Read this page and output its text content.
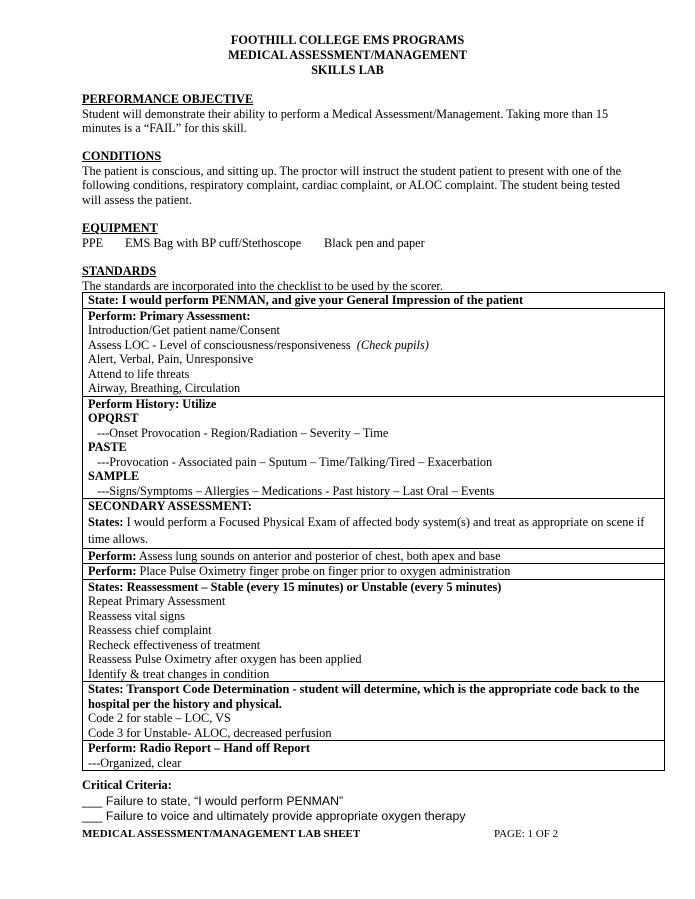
FOOTHILL COLLEGE EMS PROGRAMS
MEDICAL ASSESSMENT/MANAGEMENT
SKILLS LAB
PERFORMANCE OBJECTIVE
Student will demonstrate their ability to perform a Medical Assessment/Management. Taking more than 15 minutes is a “FAIL” for this skill.
CONDITIONS
The patient is conscious, and sitting up. The proctor will instruct the student patient to present with one of the following conditions, respiratory complaint, cardiac complaint, or ALOC complaint. The student being tested will assess the patient.
EQUIPMENT
PPE EMS Bag with BP cuff/Stethoscope Black pen and paper
STANDARDS
The standards are incorporated into the checklist to be used by the scorer.
State: I would perform PENMAN, and give your General Impression of the patient

Perform: Primary Assessment:
Introduction/Get patient name/Consent
Assess LOC - Level of consciousness/responsiveness (Check pupils)
Alert, Verbal, Pain, Unresponsive
Attend to life threats
Airway, Breathing, Circulation

Perform History: Utilize
OPQRST
---Onset Provocation - Region/Radiation – Severity – Time
PASTE
---Provocation - Associated pain – Sputum – Time/Talking/Tired – Exacerbation
SAMPLE
---Signs/Symptoms – Allergies – Medications - Past history – Last Oral – Events

SECONDARY ASSESSMENT:
States: I would perform a Focused Physical Exam of affected body system(s) and treat as appropriate on scene if time allows.

Perform: Assess lung sounds on anterior and posterior of chest, both apex and base
Perform: Place Pulse Oximetry finger probe on finger prior to oxygen administration

States: Reassessment – Stable (every 15 minutes) or Unstable (every 5 minutes)
Repeat Primary Assessment
Reassess vital signs
Reassess chief complaint
Recheck effectiveness of treatment
Reassess Pulse Oximetry after oxygen has been applied
Identify & treat changes in condition

States: Transport Code Determination - student will determine, which is the appropriate code back to the hospital per the history and physical.
Code 2 for stable – LOC, VS
Code 3 for Unstable- ALOC, decreased perfusion

Perform: Radio Report – Hand off Report
---Organized, clear
Critical Criteria:
___ Failure to state, “I would perform PENMAN”
___ Failure to voice and ultimately provide appropriate oxygen therapy
MEDICAL ASSESSMENT/MANAGEMENT LAB SHEET	PAGE: 1 OF 2
